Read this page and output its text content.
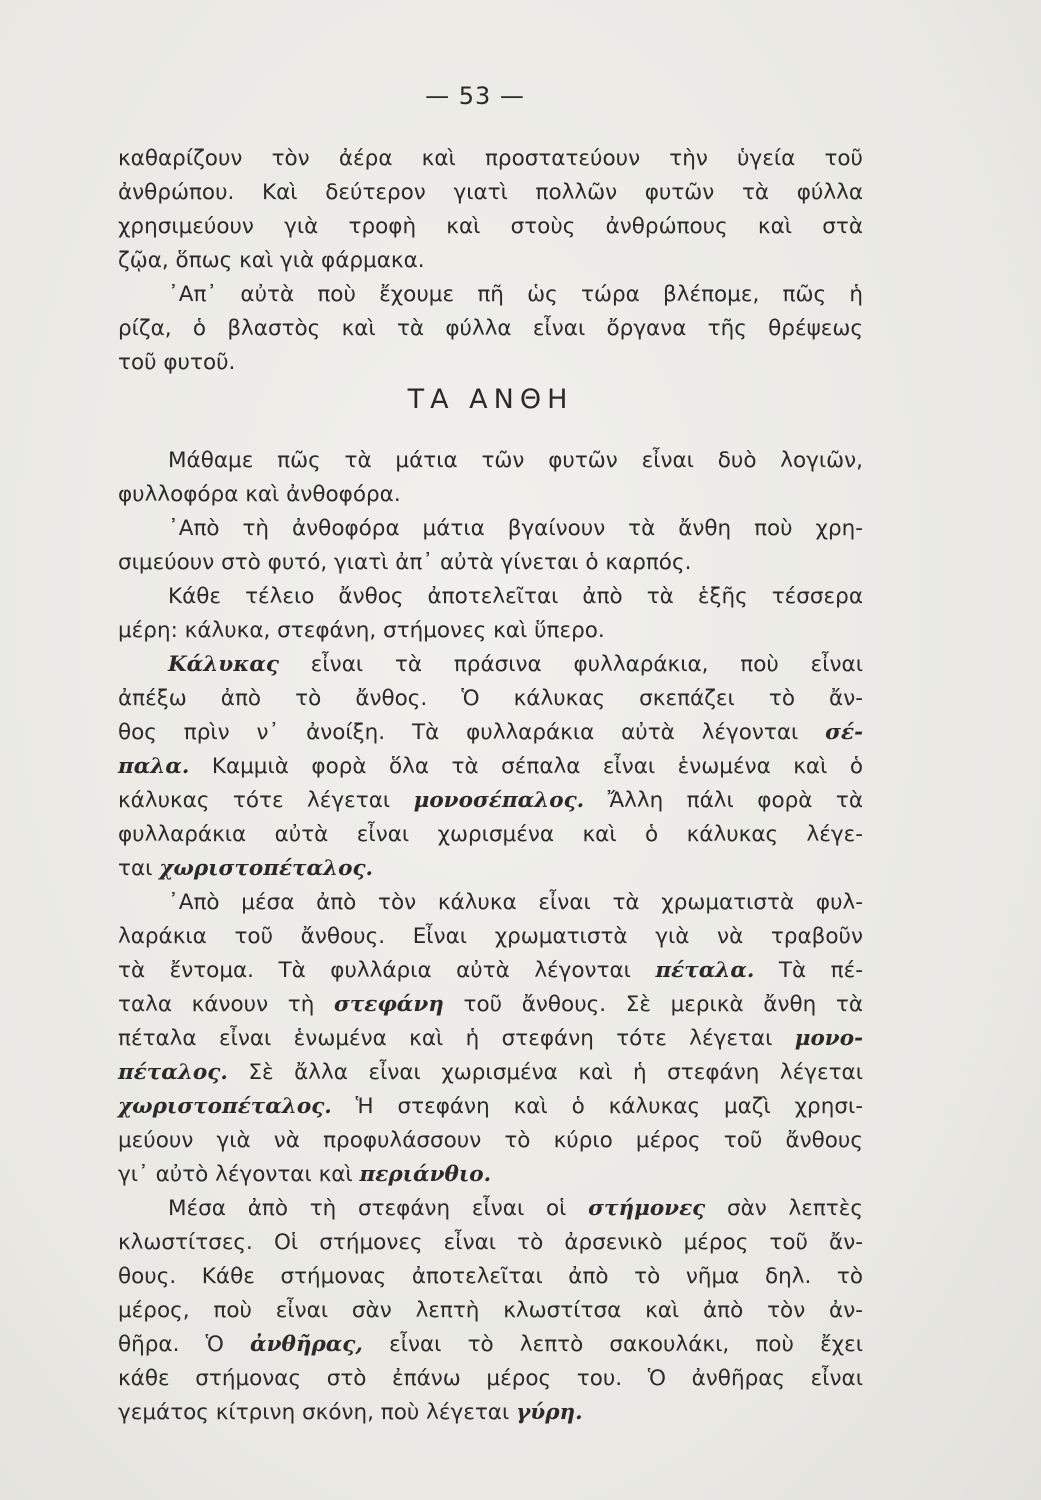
— 53 —
καθαρίζουν τὸν ἀέρα καὶ προστατεύουν τὴν ὑγεία τοῦ
ἀνθρώπου. Καὶ δεύτερον γιατὶ πολλῶν φυτῶν τὰ φύλλα
χρησιμεύουν γιὰ τροφὴ καὶ στοὺς ἀνθρώπους καὶ στὰ
ζῷα, ὅπως καὶ γιὰ φάρμακα.
᾿Απ᾿ αὐτὰ ποὺ ἔχουμε πῆ ὡς τώρα βλέπομε, πῶς ἡ
ρίζα, ὁ βλαστὸς καὶ τὰ φύλλα εἶναι ὄργανα τῆς θρέψεως
τοῦ φυτοῦ.
ΤΑ ΑΝΘΗ
Μάθαμε πῶς τὰ μάτια τῶν φυτῶν εἶναι δυὸ λογιῶν,
φυλλοφόρα καὶ ἀνθοφόρα.
᾿Απὸ τὴ ἀνθοφόρα μάτια βγαίνουν τὰ ἄνθη ποὺ χρη-
σιμεύουν στὸ φυτό, γιατὶ ἀπ᾿ αὐτὰ γίνεται ὁ καρπός.
Κάθε τέλειο ἄνθος ἀποτελεῖται ἀπὸ τὰ ἑξῆς τέσσερα
μέρη: κάλυκα, στεφάνη, στήμονες καὶ ὕπερο.
Κάλυκας εἶναι τὰ πράσινα φυλλαράκια, ποὺ εἶναι
ἀπέξω ἀπὸ τὸ ἄνθος. Ὁ κάλυκας σκεπάζει τὸ ἄν-
θος πρὶν ν᾿ ἀνοίξη. Τὰ φυλλαράκια αὐτὰ λέγονται σέ-
παλα. Καμμιὰ φορὰ ὅλα τὰ σέπαλα εἶναι ἑνωμένα καὶ ὁ
κάλυκας τότε λέγεται μονοσέπαλος. Ἄλλη πάλι φορὰ τὰ
φυλλαράκια αὐτὰ εἶναι χωρισμένα καὶ ὁ κάλυκας λέγε-
ται χωριστοπέταλος.
᾿Απὸ μέσα ἀπὸ τὸν κάλυκα εἶναι τὰ χρωματιστὰ φυλ-
λαράκια τοῦ ἄνθους. Εἶναι χρωματιστὰ γιὰ νὰ τραβοῦν
τὰ ἔντομα. Τὰ φυλλάρια αὐτὰ λέγονται πέταλα. Τὰ πέ-
ταλα κάνουν τὴ στεφάνη τοῦ ἄνθους. Σὲ μερικὰ ἄνθη τὰ
πέταλα εἶναι ἑνωμένα καὶ ἡ στεφάνη τότε λέγεται μονο-
πέταλος. Σὲ ἄλλα εἶναι χωρισμένα καὶ ἡ στεφάνη λέγεται
χωριστοπέταλος. Ἡ στεφάνη καὶ ὁ κάλυκας μαζὶ χρησι-
μεύουν γιὰ νὰ προφυλάσσουν τὸ κύριο μέρος τοῦ ἄνθους
γι᾿ αὐτὸ λέγονται καὶ περιάνθιο.
Μέσα ἀπὸ τὴ στεφάνη εἶναι οἱ στήμονες σὰν λεπτὲς
κλωστίτσες. Οἱ στήμονες εἶναι τὸ ἀρσενικὸ μέρος τοῦ ἄν-
θους. Κάθε στήμονας ἀποτελεῖται ἀπὸ τὸ νῆμα δηλ. τὸ
μέρος, ποὺ εἶναι σὰν λεπτὴ κλωστίτσα καὶ ἀπὸ τὸν ἀν-
θῆρα. Ὁ ἀνθῆρας, εἶναι τὸ λεπτὸ σακουλάκι, ποὺ ἔχει
κάθε στήμονας στὸ ἐπάνω μέρος του. Ὁ ἀνθῆρας εἶναι
γεμάτος κίτρινη σκόνη, ποὺ λέγεται γύρη.
